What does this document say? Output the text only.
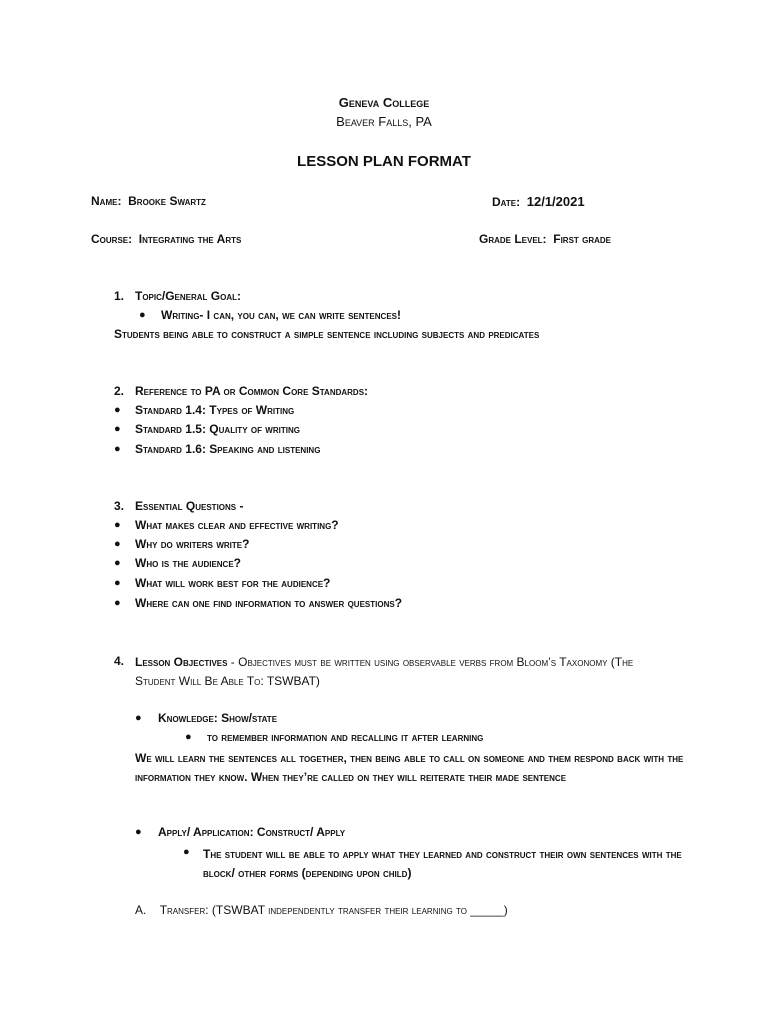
Geneva College
Beaver Falls, PA
LESSON PLAN FORMAT
Name: Brooke Swartz	Date: 12/1/2021
Course: Integrating the Arts	Grade Level: First grade
1. Topic/General Goal:
● Writing- I can, you can, we can write sentences!
Students being able to construct a simple sentence including subjects and predicates
2. Reference to PA or Common Core Standards:
● Standard 1.4: Types of Writing
● Standard 1.5: Quality of writing
● Standard 1.6: Speaking and listening
3. Essential Questions -
● What makes clear and effective writing?
● Why do writers write?
● Who is the audience?
● What will work best for the audience?
● Where can one find information to answer questions?
4. Lesson Objectives - Objectives must be written using observable verbs from Bloom’s Taxonomy (The Student Will Be Able To: TSWBAT)
● Knowledge: Show/state
● to remember information and recalling it after learning
We will learn the sentences all together, then being able to call on someone and them respond back with the information they know. When they’re called on they will reiterate their made sentence
● Apply/ Application: Construct/ Apply
● The student will be able to apply what they learned and construct their own sentences with the block/ other forms (depending upon child)
A. Transfer: (TSWBAT independently transfer their learning to _____)
